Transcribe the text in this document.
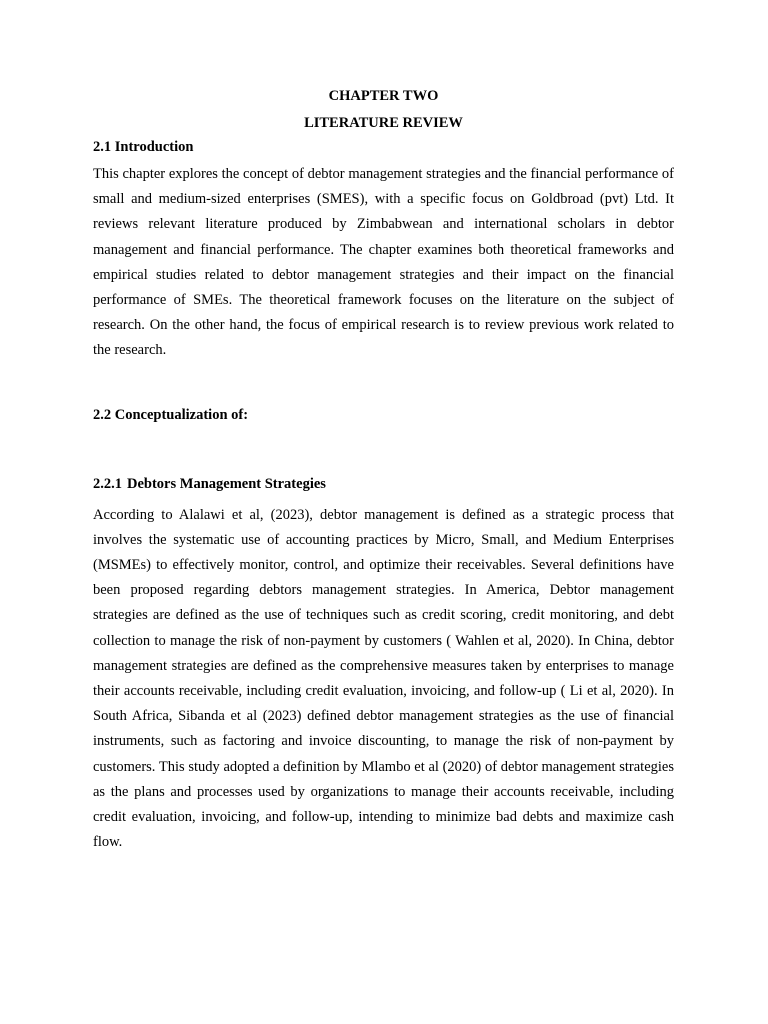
CHAPTER TWO

LITERATURE REVIEW

2.1 Introduction

This chapter explores the concept of debtor management strategies and the financial performance of small and medium-sized enterprises (SMES), with a specific focus on Goldbroad (pvt) Ltd. It reviews relevant literature produced by Zimbabwean and international scholars in debtor management and financial performance. The chapter examines both theoretical frameworks and empirical studies related to debtor management strategies and their impact on the financial performance of SMEs. The theoretical framework focuses on the literature on the subject of research. On the other hand, the focus of empirical research is to review previous work related to the research.

2.2 Conceptualization of:

2.2.1 Debtors Management Strategies

According to Alalawi et al, (2023), debtor management is defined as a strategic process that involves the systematic use of accounting practices by Micro, Small, and Medium Enterprises (MSMEs) to effectively monitor, control, and optimize their receivables. Several definitions have been proposed regarding debtors management strategies. In America, Debtor management strategies are defined as the use of techniques such as credit scoring, credit monitoring, and debt collection to manage the risk of non-payment by customers ( Wahlen et al, 2020). In China, debtor management strategies are defined as the comprehensive measures taken by enterprises to manage their accounts receivable, including credit evaluation, invoicing, and follow-up ( Li et al, 2020). In South Africa, Sibanda et al (2023) defined debtor management strategies as the use of financial instruments, such as factoring and invoice discounting, to manage the risk of non-payment by customers. This study adopted a definition by Mlambo et al (2020) of debtor management strategies as the plans and processes used by organizations to manage their accounts receivable, including credit evaluation, invoicing, and follow-up, intending to minimize bad debts and maximize cash flow.
